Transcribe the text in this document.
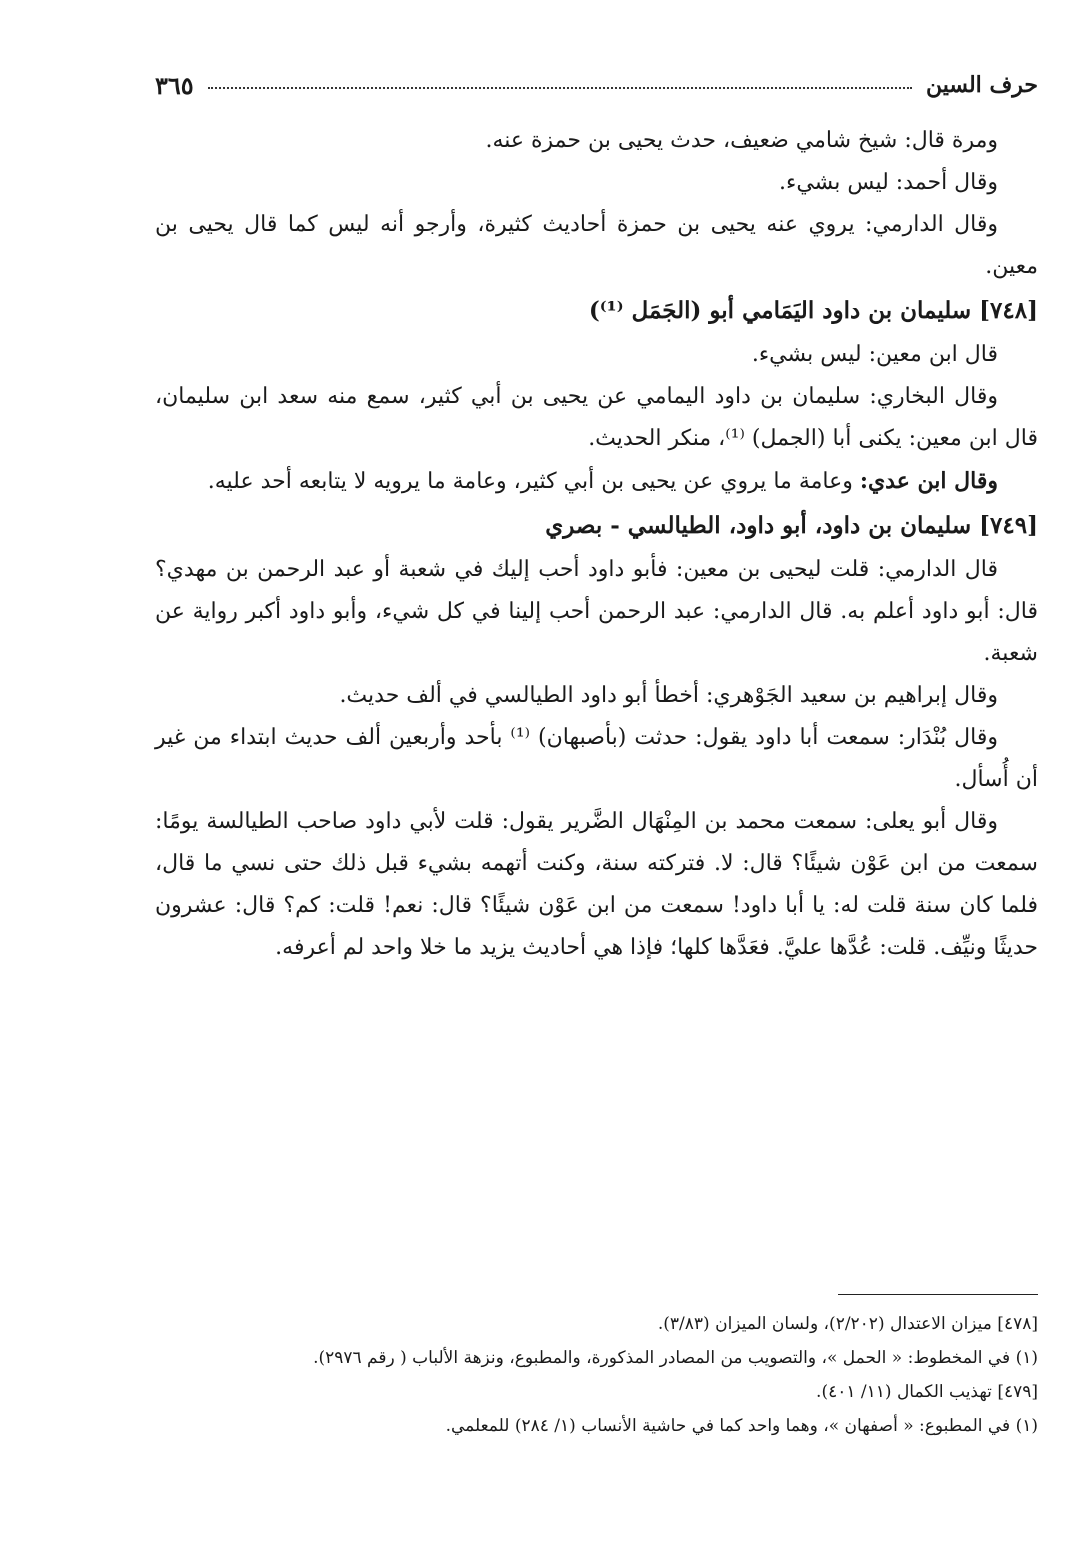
حرف السين
٣٦٥

ومرة قال: شيخ شامي ضعيف، حدث يحيى بن حمزة عنه.

وقال أحمد: ليس بشيء.

وقال الدارمي: يروي عنه يحيى بن حمزة أحاديث كثيرة، وأرجو أنه ليس كما قال يحيى بن معين.

[٧٤٨] سليمان بن داود اليَمَامي أبو (الجَمَل ⁽¹⁾)

قال ابن معين: ليس بشيء.

وقال البخاري: سليمان بن داود اليمامي عن يحيى بن أبي كثير، سمع منه سعد ابن سليمان، قال ابن معين: يكنى أبا (الجمل) ⁽¹⁾، منكر الحديث.

وقال ابن عدي: وعامة ما يروي عن يحيى بن أبي كثير، وعامة ما يرويه لا يتابعه أحد عليه.

[٧٤٩] سليمان بن داود، أبو داود، الطيالسي - بصري

قال الدارمي: قلت ليحيى بن معين: فأبو داود أحب إليك في شعبة أو عبد الرحمن بن مهدي؟ قال: أبو داود أعلم به. قال الدارمي: عبد الرحمن أحب إلينا في كل شيء، وأبو داود أكبر رواية عن شعبة.

وقال إبراهيم بن سعيد الجَوْهري: أخطأ أبو داود الطيالسي في ألف حديث.

وقال بُنْدَار: سمعت أبا داود يقول: حدثت (بأصبهان) ⁽¹⁾ بأحد وأربعين ألف حديث ابتداء من غير أن أُسأل.

وقال أبو يعلى: سمعت محمد بن المِنْهَال الضَّرير يقول: قلت لأبي داود صاحب الطيالسة يومًا: سمعت من ابن عَوْن شيئًا؟ قال: لا. فتركته سنة، وكنت أتهمه بشيء قبل ذلك حتى نسي ما قال، فلما كان سنة قلت له: يا أبا داود! سمعت من ابن عَوْن شيئًا؟ قال: نعم! قلت: كم؟ قال: عشرون حديثًا ونيِّف. قلت: عُدَّها عليَّ. فعَدَّها كلها؛ فإذا هي أحاديث يزيد ما خلا واحد لم أعرفه.

[٤٧٨] ميزان الاعتدال (٢/٢٠٢)، ولسان الميزان (٣/٨٣).

(١) في المخطوط: « الحمل »، والتصويب من المصادر المذكورة، والمطبوع، ونزهة الألباب ( رقم ٢٩٧٦).

[٤٧٩] تهذيب الكمال (١١/ ٤٠١).

(١) في المطبوع: « أصفهان »، وهما واحد كما في حاشية الأنساب (١/ ٢٨٤) للمعلمي.
